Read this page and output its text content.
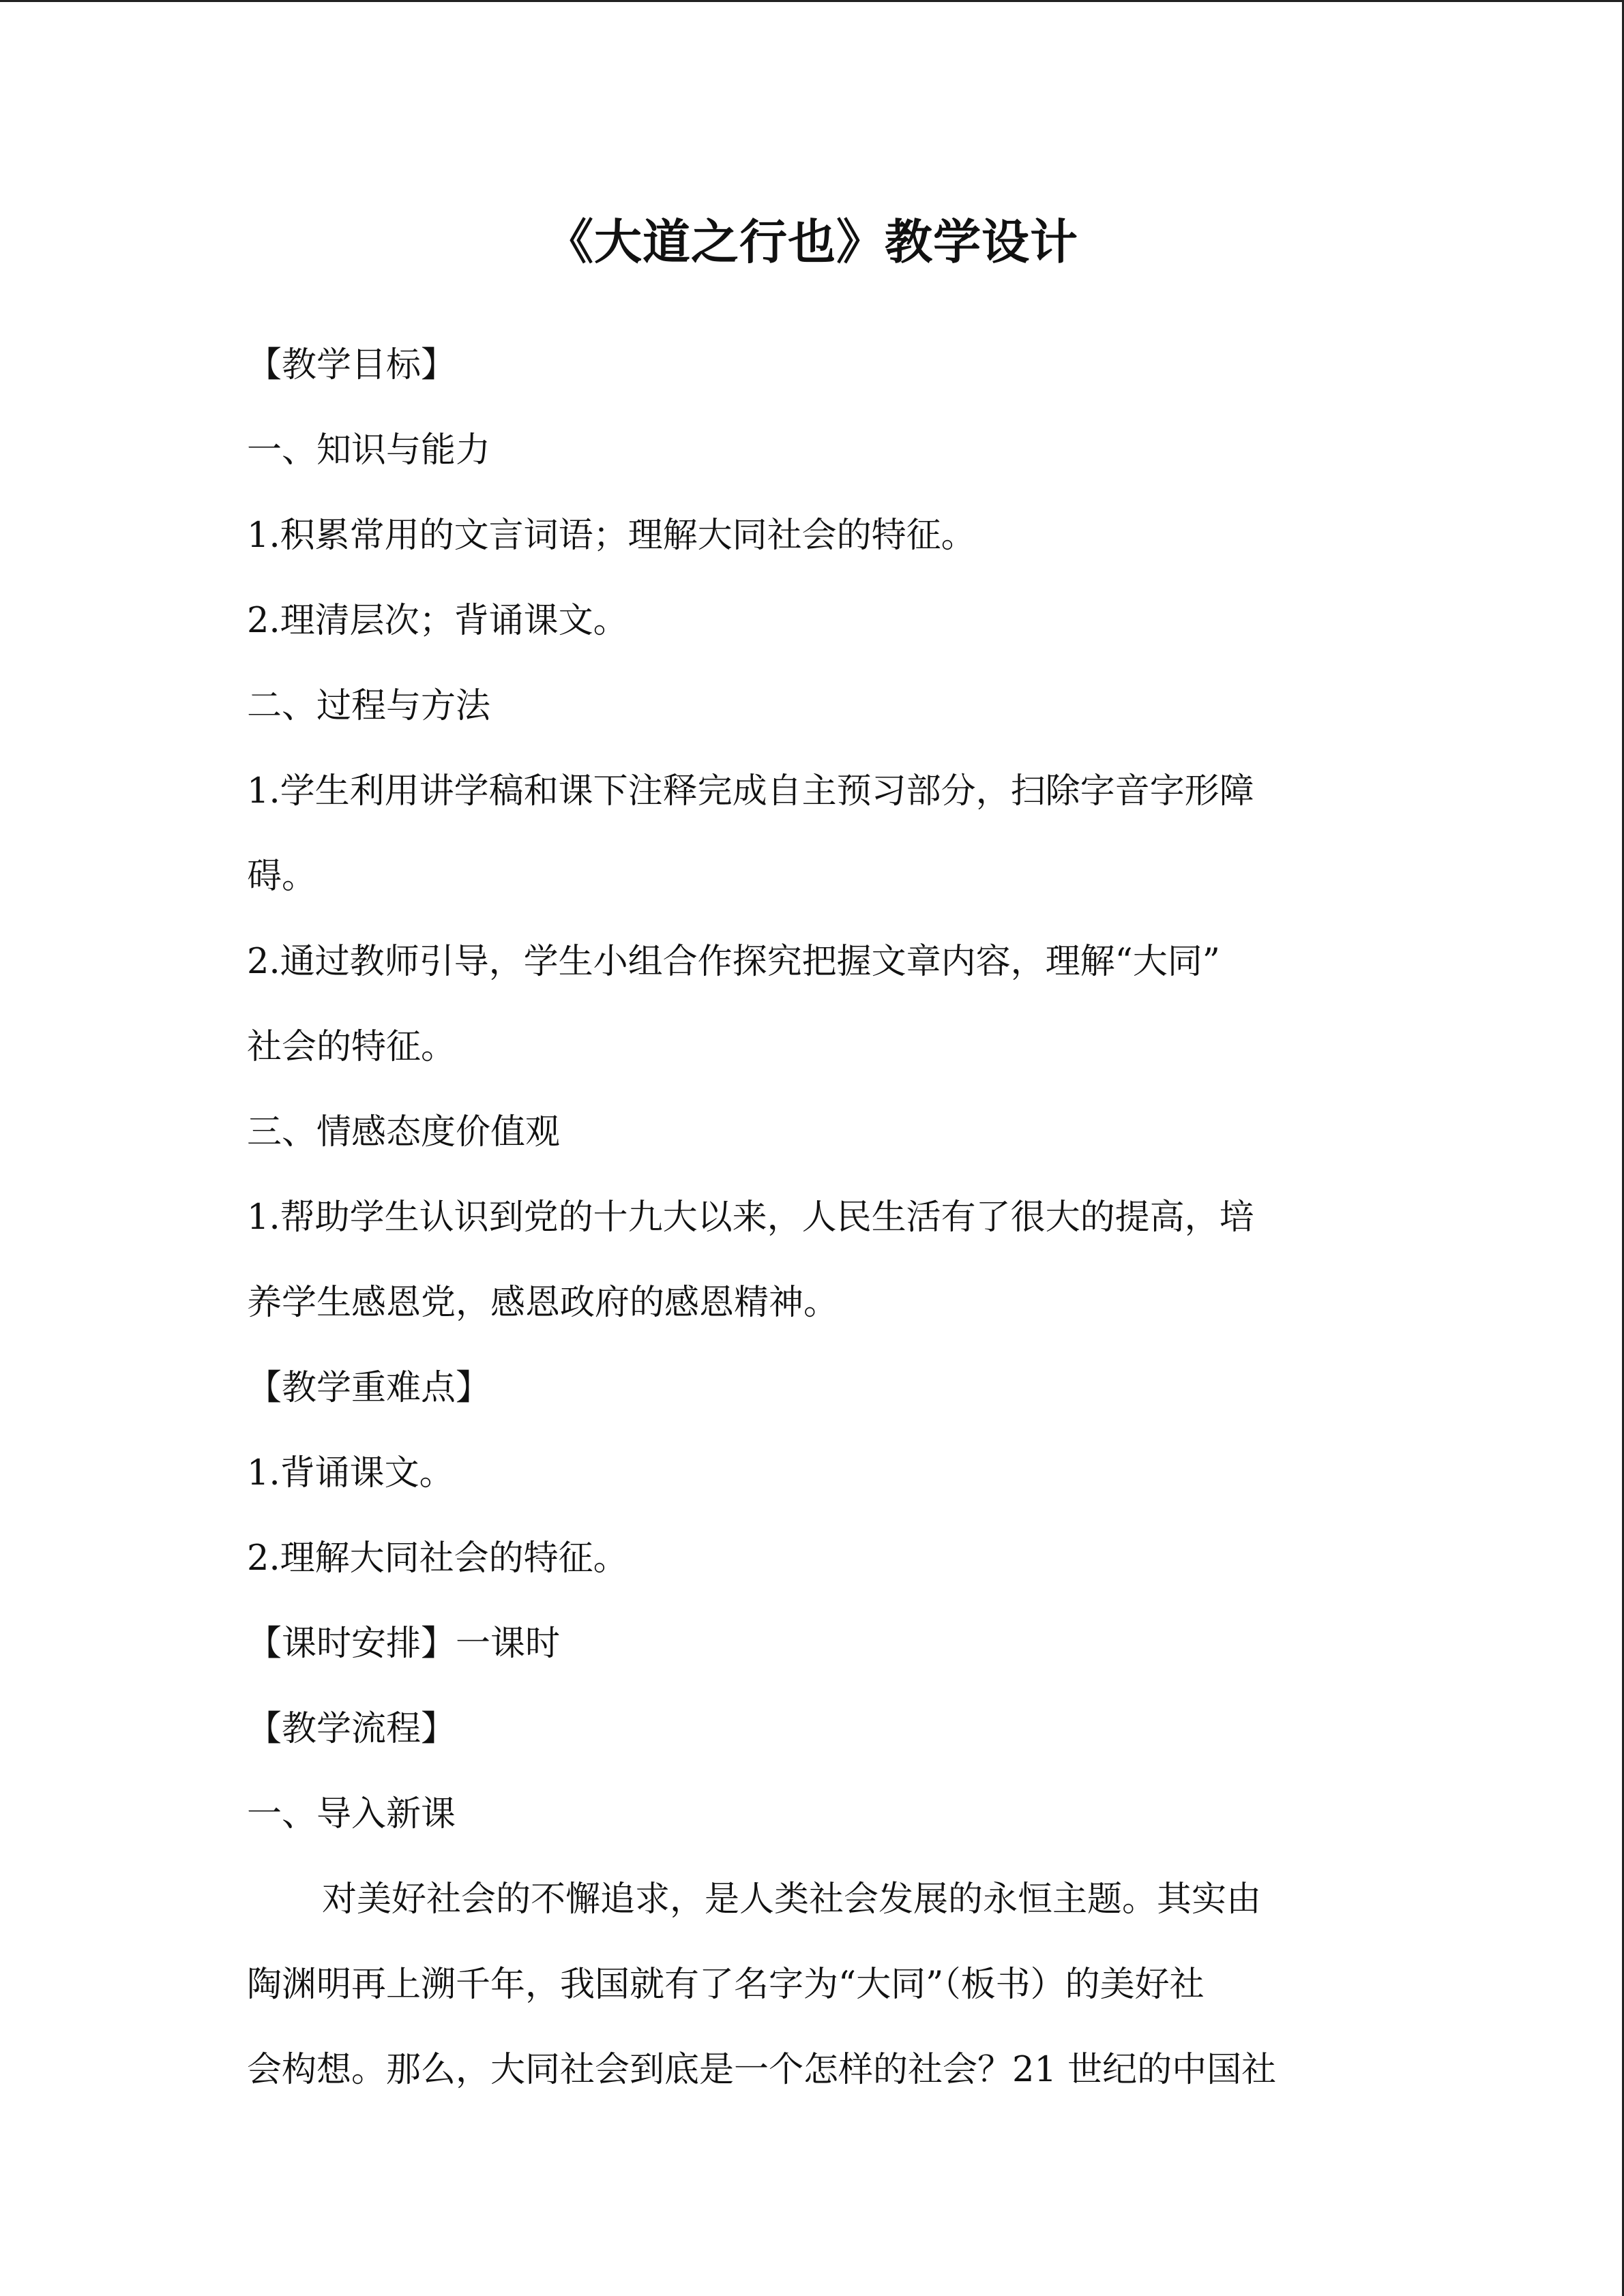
《大道之行也》教学设计

【教学目标】

一、知识与能力

1.积累常用的文言词语；理解大同社会的特征。

2.理清层次；背诵课文。

二、过程与方法

1.学生利用讲学稿和课下注释完成自主预习部分，扫除字音字形障

碍。

2.通过教师引导，学生小组合作探究把握文章内容，理解“大同”

社会的特征。

三、情感态度价值观

1.帮助学生认识到党的十九大以来，人民生活有了很大的提高，培

养学生感恩党，感恩政府的感恩精神。

【教学重难点】

1.背诵课文。

2.理解大同社会的特征。

【课时安排】一课时

【教学流程】

一、导入新课

对美好社会的不懈追求，是人类社会发展的永恒主题。其实由

陶渊明再上溯千年，我国就有了名字为“大同”（板书）的美好社

会构想。那么，大同社会到底是一个怎样的社会？21 世纪的中国社
